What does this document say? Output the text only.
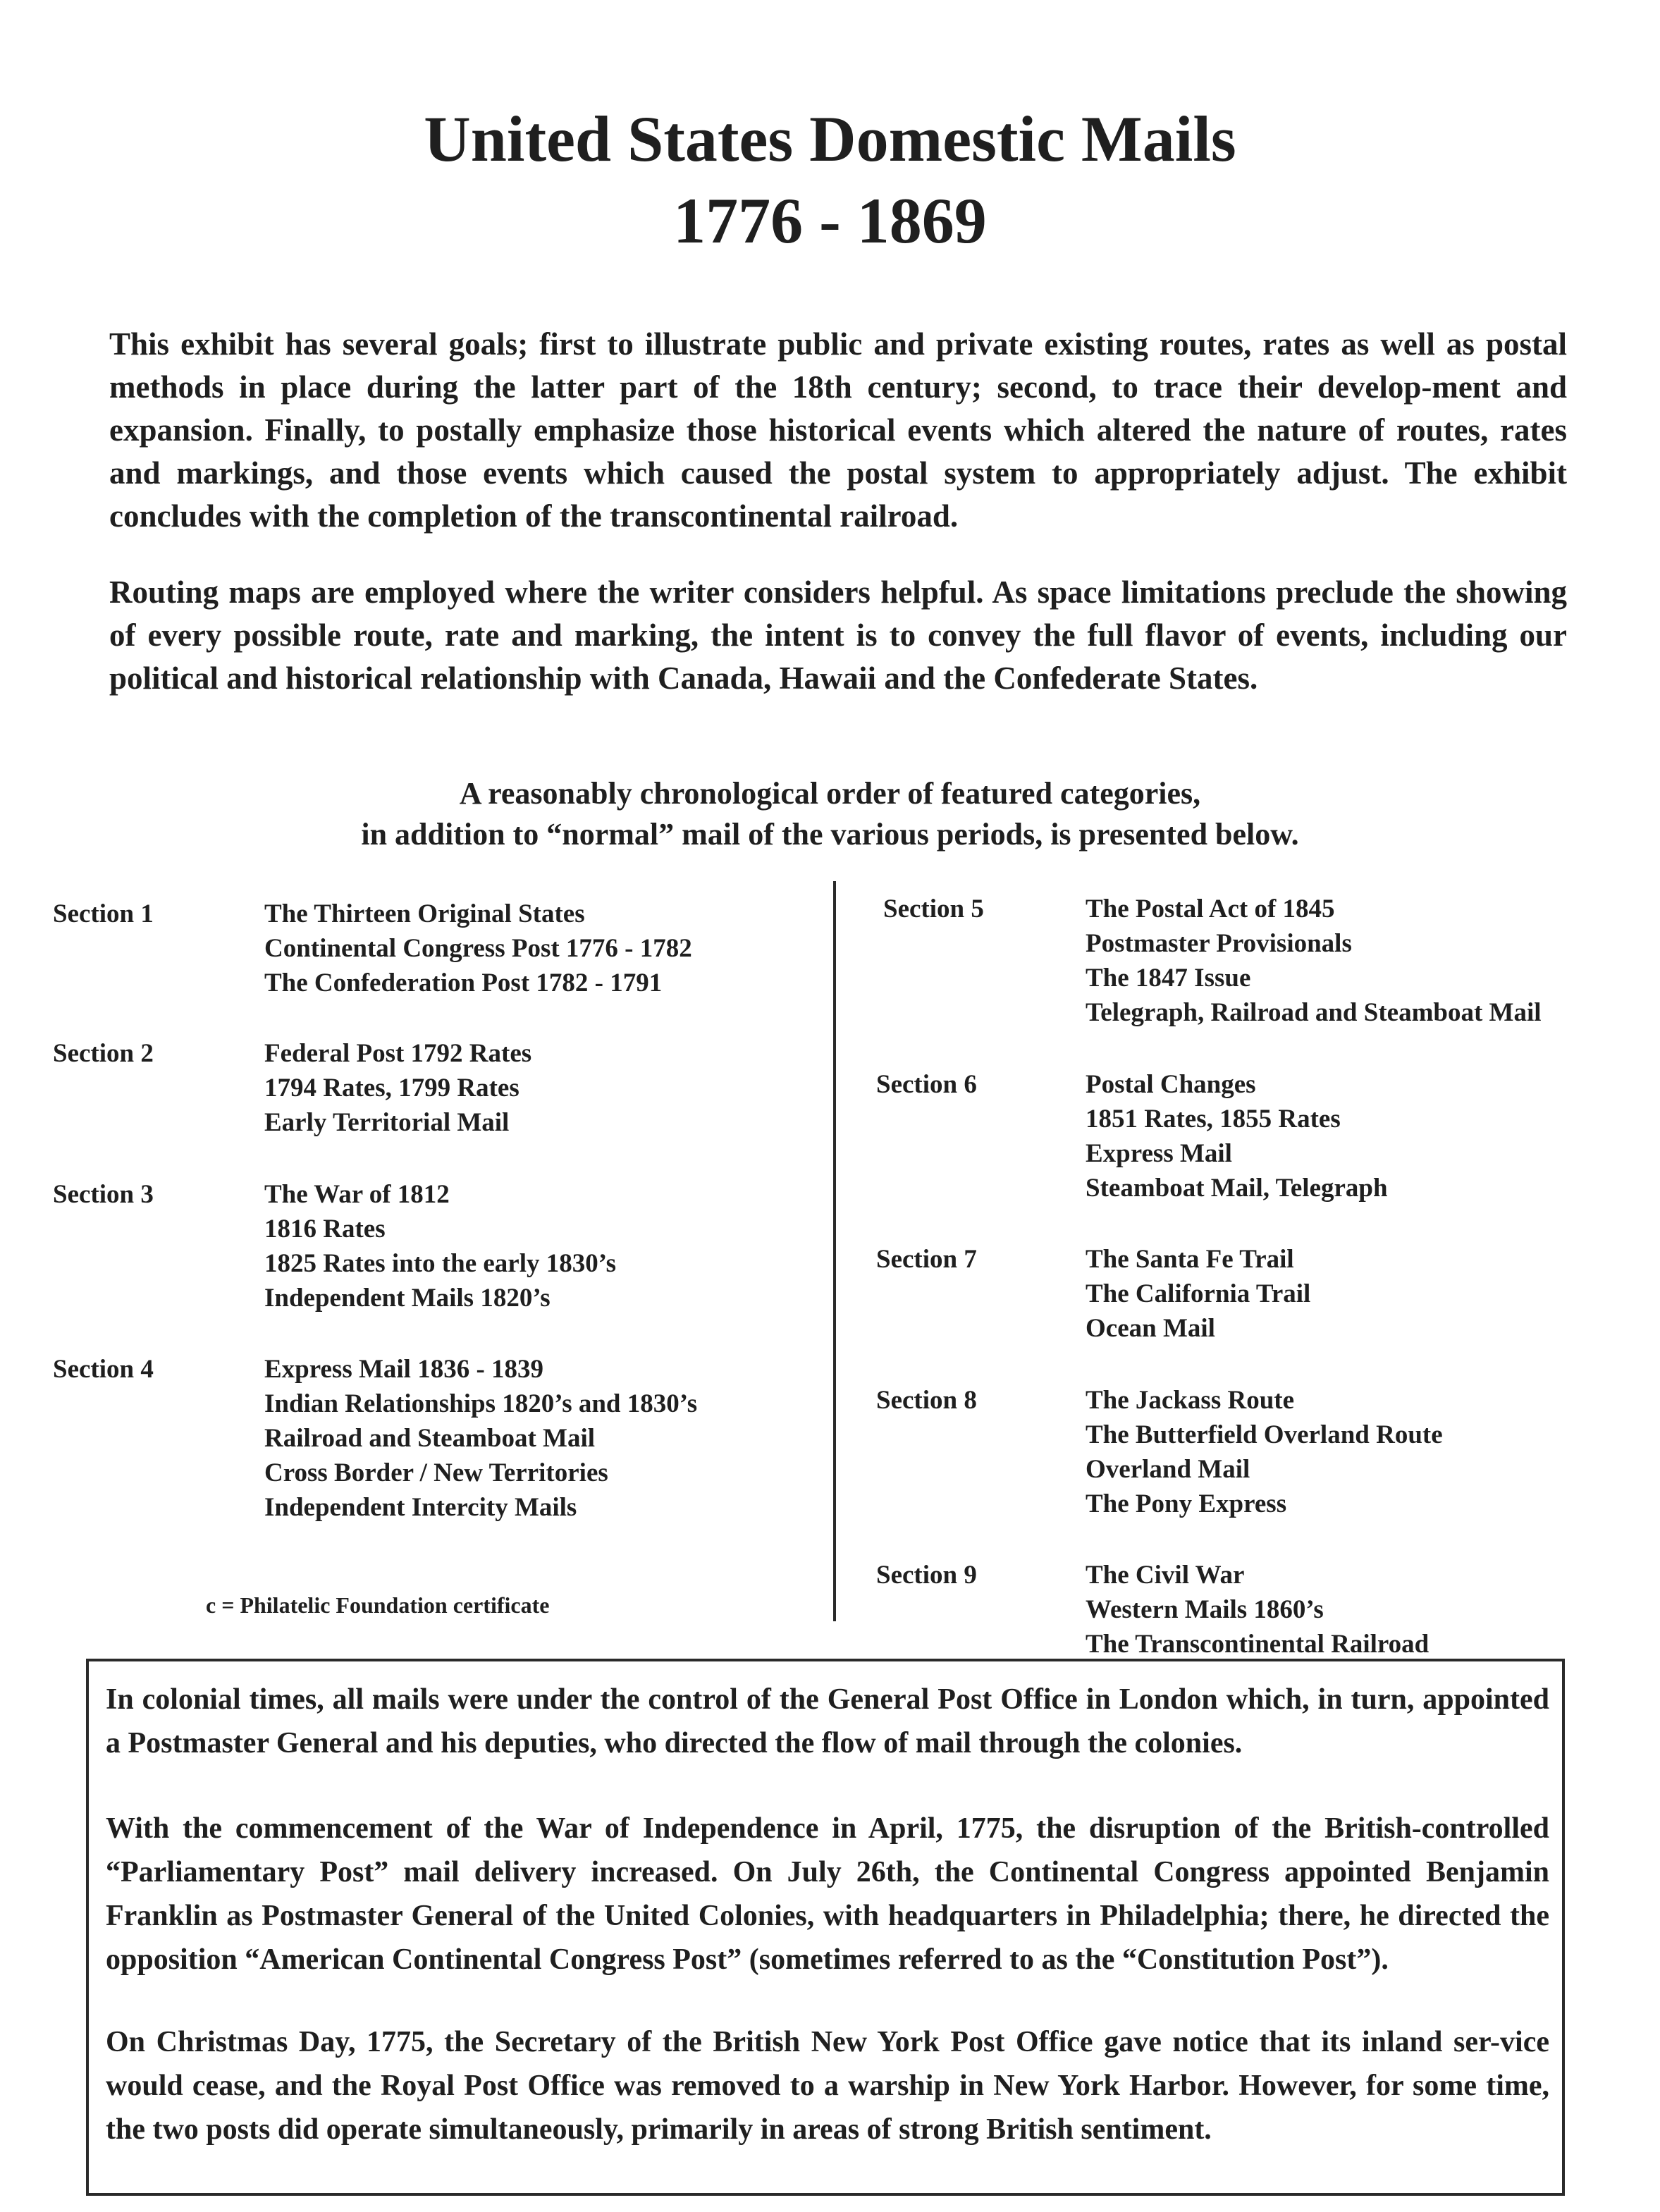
United States Domestic Mails
1776 - 1869

This exhibit has several goals; first to illustrate public and private existing routes, rates as well as postal methods in place during the latter part of the 18th century; second, to trace their develop-ment and expansion. Finally, to postally emphasize those historical events which altered the nature of routes, rates and markings, and those events which caused the postal system to appropriately adjust. The exhibit concludes with the completion of the transcontinental railroad.

Routing maps are employed where the writer considers helpful. As space limitations preclude the showing of every possible route, rate and marking, the intent is to convey the full flavor of events, including our political and historical relationship with Canada, Hawaii and the Confederate States.

A reasonably chronological order of featured categories,
in addition to “normal” mail of the various periods, is presented below.
Section 1	The Thirteen Original States
Continental Congress Post 1776 - 1782
The Confederation Post 1782 - 1791
Section 2	Federal Post 1792 Rates
1794 Rates, 1799 Rates
Early Territorial Mail
Section 3	The War of 1812
1816 Rates
1825 Rates into the early 1830’s
Independent Mails 1820’s
Section 4	Express Mail 1836 - 1839
Indian Relationships 1820’s and 1830’s
Railroad and Steamboat Mail
Cross Border / New Territories
Independent Intercity Mails
Section 5	The Postal Act of 1845
Postmaster Provisionals
The 1847 Issue
Telegraph, Railroad and Steamboat Mail
Section 6	Postal Changes
1851 Rates, 1855 Rates
Express Mail
Steamboat Mail, Telegraph
Section 7	The Santa Fe Trail
The California Trail
Ocean Mail
Section 8	The Jackass Route
The Butterfield Overland Route
Overland Mail
The Pony Express
Section 9	The Civil War
Western Mails 1860’s
The Transcontinental Railroad
c = Philatelic Foundation certificate

In colonial times, all mails were under the control of the General Post Office in London which, in turn, appointed a Postmaster General and his deputies, who directed the flow of mail through the colonies.

With the commencement of the War of Independence in April, 1775, the disruption of the British-controlled “Parliamentary Post” mail delivery increased. On July 26th, the Continental Congress appointed Benjamin Franklin as Postmaster General of the United Colonies, with headquarters in Philadelphia; there, he directed the opposition “American Continental Congress Post” (sometimes referred to as the “Constitution Post”).

On Christmas Day, 1775, the Secretary of the British New York Post Office gave notice that its inland ser-vice would cease, and the Royal Post Office was removed to a warship in New York Harbor. However, for some time, the two posts did operate simultaneously, primarily in areas of strong British sentiment.
